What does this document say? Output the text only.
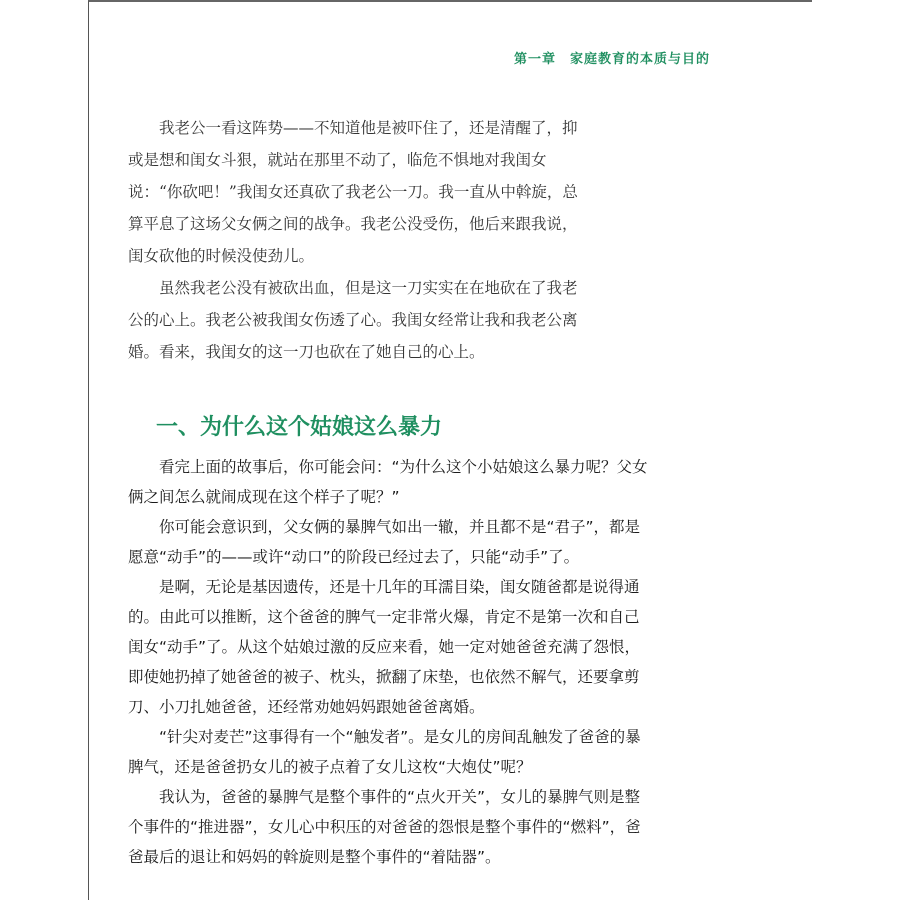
第一章　家庭教育的本质与目的

我老公一看这阵势——不知道他是被吓住了，还是清醒了，抑或是想和闺女斗狠，就站在那里不动了，临危不惧地对我闺女说：“你砍吧！”我闺女还真砍了我老公一刀。我一直从中斡旋，总算平息了这场父女俩之间的战争。我老公没受伤，他后来跟我说，闺女砍他的时候没使劲儿。

虽然我老公没有被砍出血，但是这一刀实实在在地砍在了我老公的心上。我老公被我闺女伤透了心。我闺女经常让我和我老公离婚。看来，我闺女的这一刀也砍在了她自己的心上。

一、为什么这个姑娘这么暴力

看完上面的故事后，你可能会问：“为什么这个小姑娘这么暴力呢？父女俩之间怎么就闹成现在这个样子了呢？”

你可能会意识到，父女俩的暴脾气如出一辙，并且都不是“君子”，都是愿意“动手”的——或许“动口”的阶段已经过去了，只能“动手”了。

是啊，无论是基因遗传，还是十几年的耳濡目染，闺女随爸都是说得通的。由此可以推断，这个爸爸的脾气一定非常火爆，肯定不是第一次和自己闺女“动手”了。从这个姑娘过激的反应来看，她一定对她爸爸充满了怨恨，即使她扔掉了她爸爸的被子、枕头，掀翻了床垫，也依然不解气，还要拿剪刀、小刀扎她爸爸，还经常劝她妈妈跟她爸爸离婚。

“针尖对麦芒”这事得有一个“触发者”。是女儿的房间乱触发了爸爸的暴脾气，还是爸爸扔女儿的被子点着了女儿这枚“大炮仗”呢？

我认为，爸爸的暴脾气是整个事件的“点火开关”，女儿的暴脾气则是整个事件的“推进器”，女儿心中积压的对爸爸的怨恨是整个事件的“燃料”，爸爸最后的退让和妈妈的斡旋则是整个事件的“着陆器”。
